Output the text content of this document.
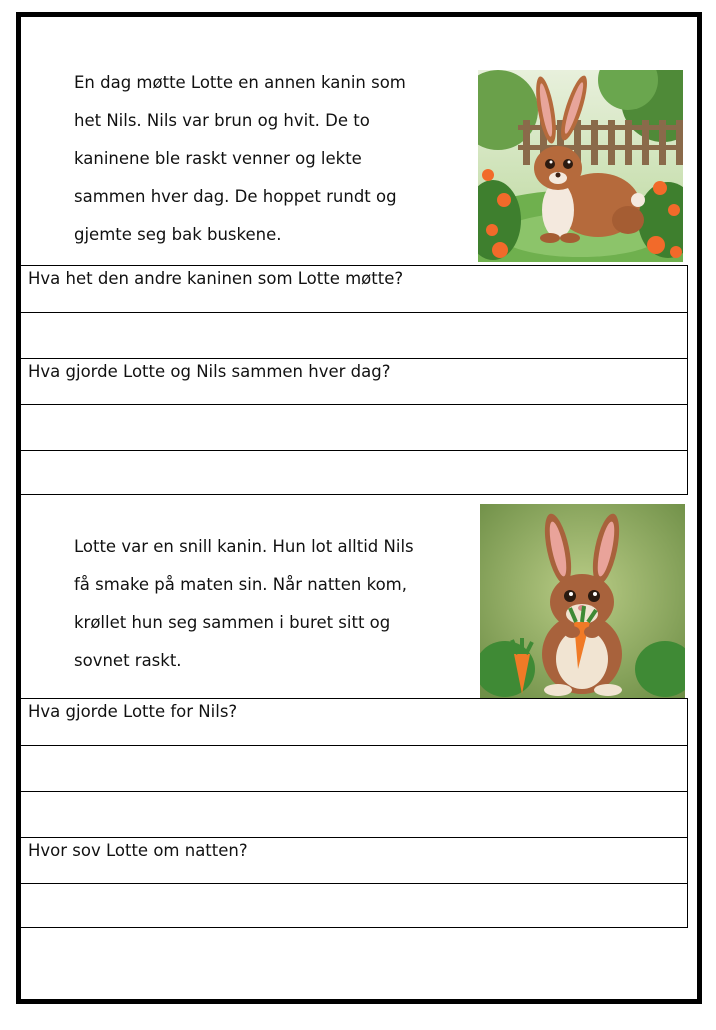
En dag møtte Lotte en annen kanin som

het Nils. Nils var brun og hvit. De to

kaninene ble raskt venner og lekte

sammen hver dag. De hoppet rundt og

gjemte seg bak buskene.

Hva het den andre kaninen som Lotte møtte?
Hva gjorde Lotte og Nils sammen hver dag?

Lotte var en snill kanin. Hun lot alltid Nils

få smake på maten sin. Når natten kom,

krøllet hun seg sammen i buret sitt og

sovnet raskt.

Hva gjorde Lotte for Nils?
Hvor sov Lotte om natten?
